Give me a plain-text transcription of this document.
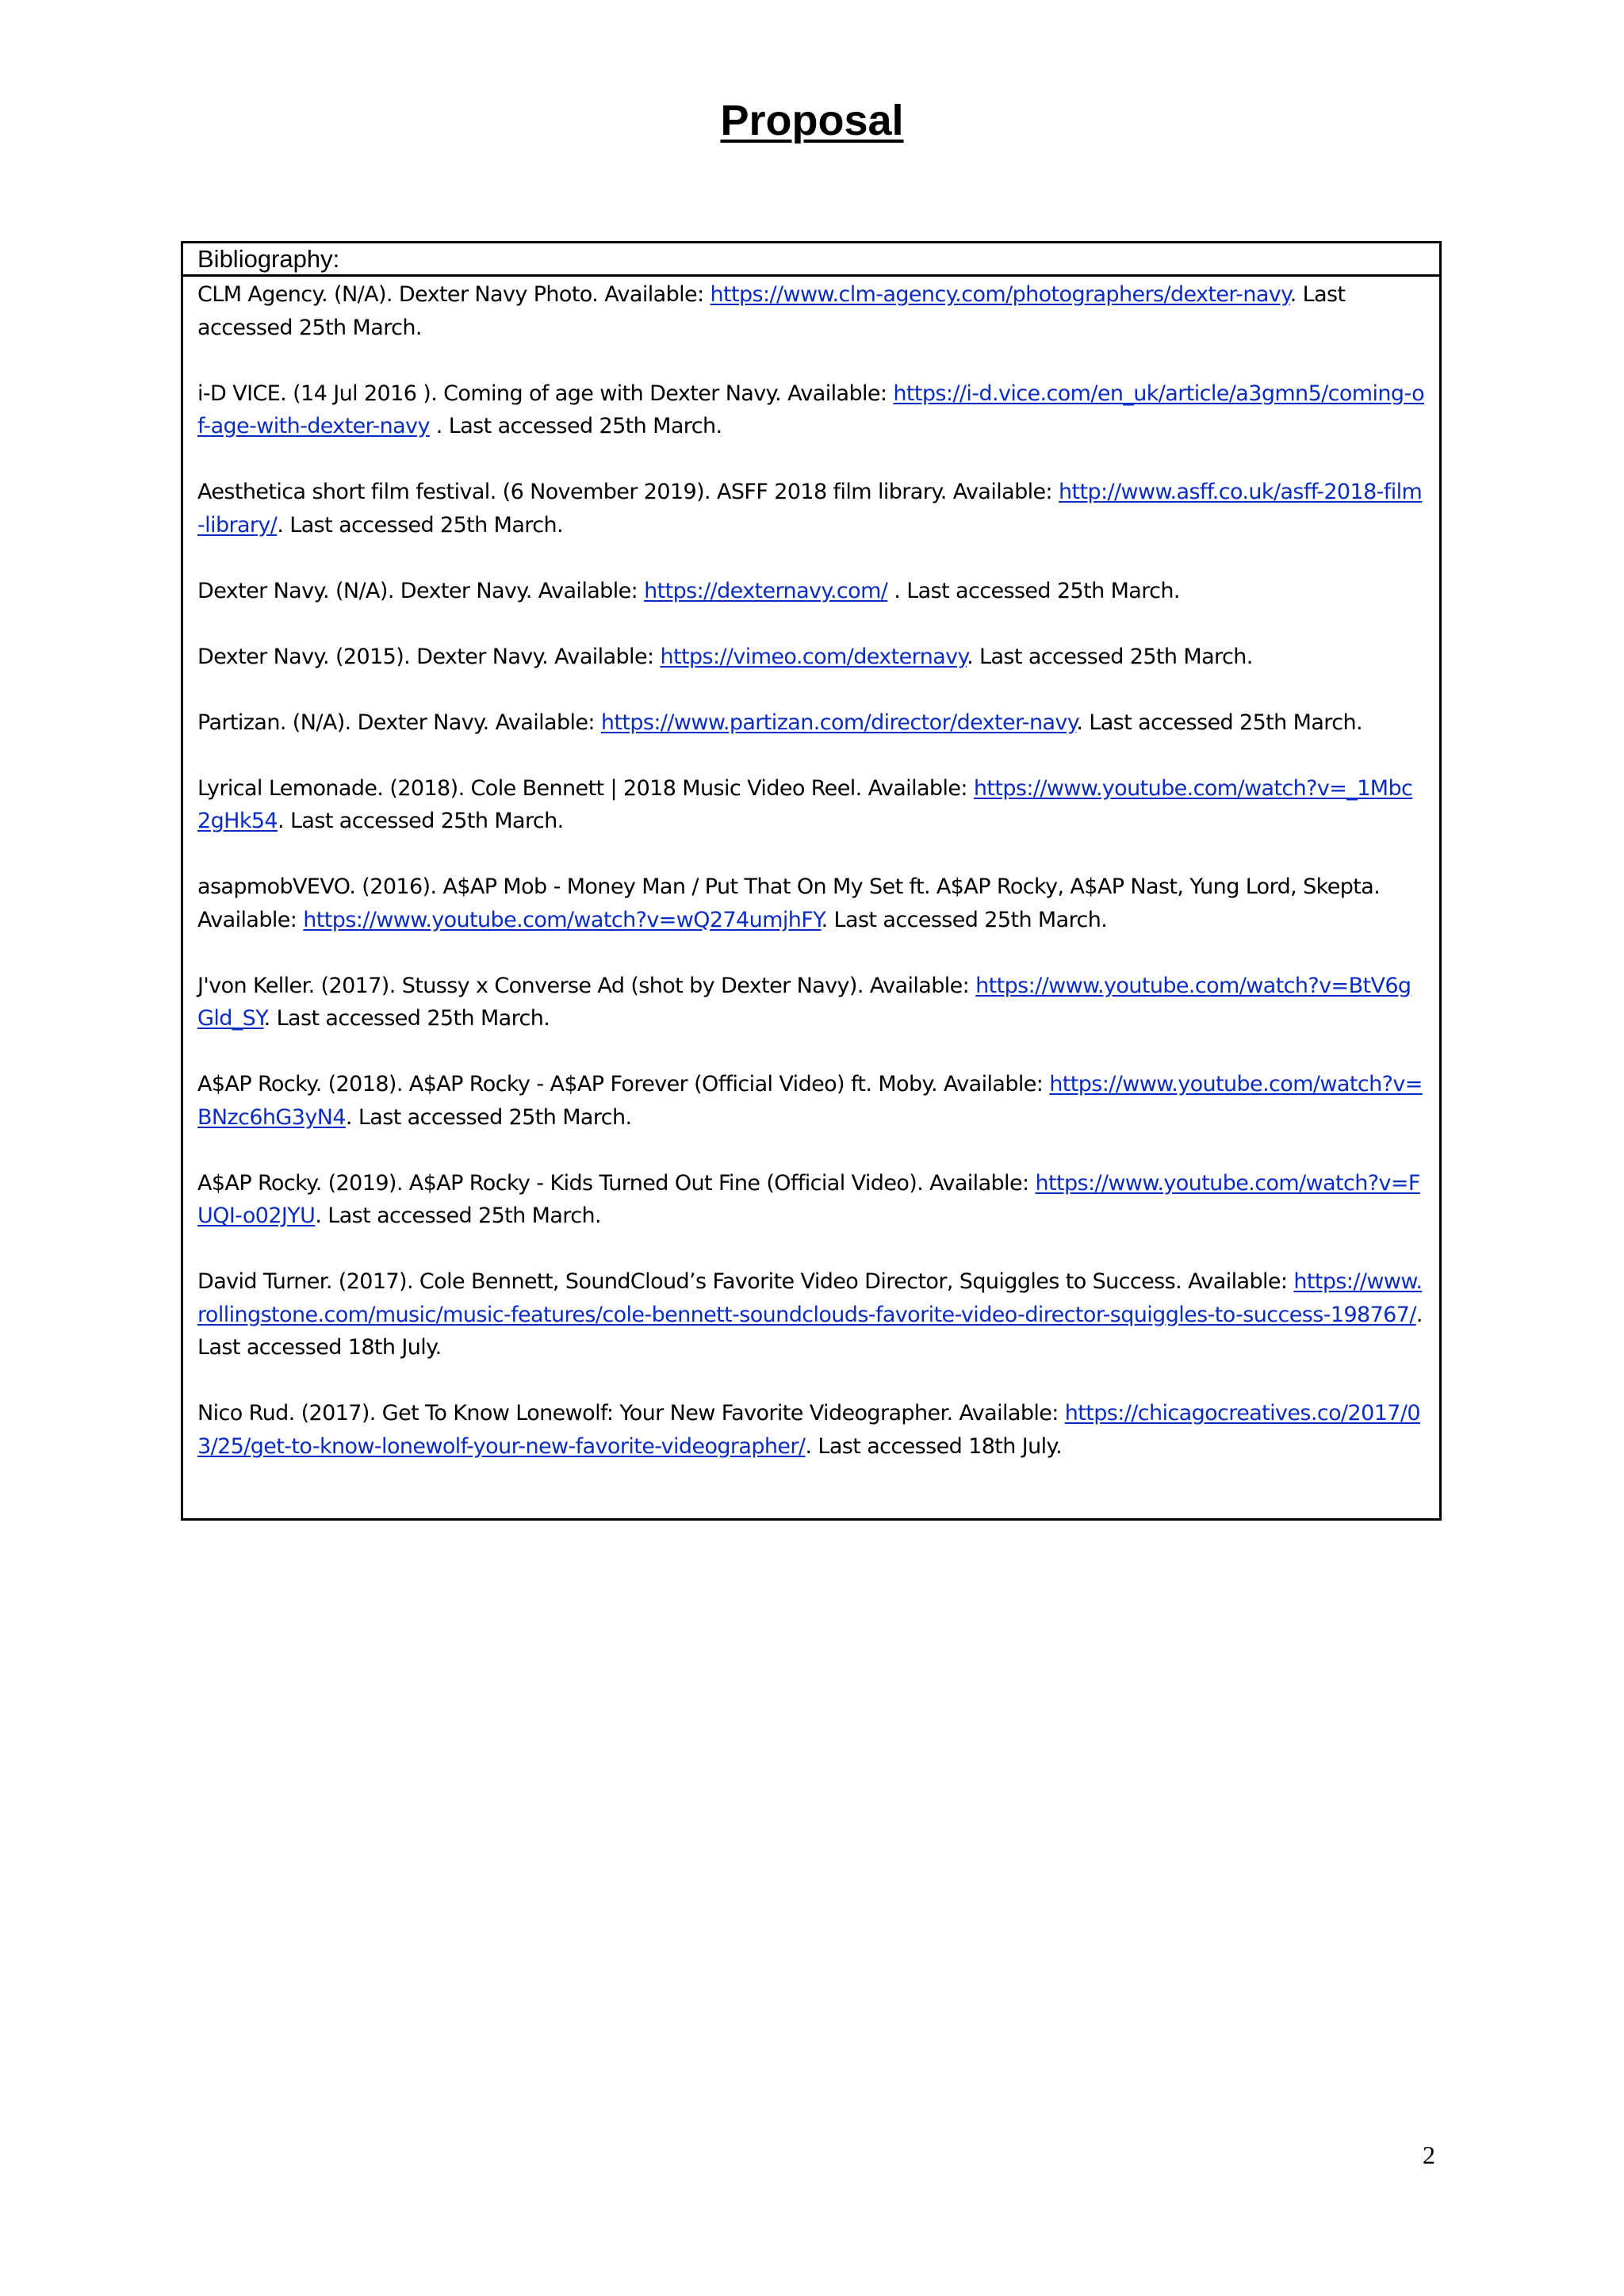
Proposal
Bibliography:
CLM Agency. (N/A). Dexter Navy Photo. Available: https://www.clm-agency.com/photographers/dexter-navy. Last accessed 25th March.
i-D VICE. (14 Jul 2016 ). Coming of age with Dexter Navy. Available: https://i-d.vice.com/en_uk/article/a3gmn5/coming-of-age-with-dexter-navy . Last accessed 25th March.
Aesthetica short film festival. (6 November 2019). ASFF 2018 film library. Available: http://www.asff.co.uk/asff-2018-film-library/. Last accessed 25th March.
Dexter Navy. (N/A). Dexter Navy. Available: https://dexternavy.com/ . Last accessed 25th March.
Dexter Navy. (2015). Dexter Navy. Available: https://vimeo.com/dexternavy. Last accessed 25th March.
Partizan. (N/A). Dexter Navy. Available: https://www.partizan.com/director/dexter-navy. Last accessed 25th March.
Lyrical Lemonade. (2018). Cole Bennett | 2018 Music Video Reel. Available: https://www.youtube.com/watch?v=_1Mbc2gHk54. Last accessed 25th March.
asapmobVEVO. (2016). A$AP Mob - Money Man / Put That On My Set ft. A$AP Rocky, A$AP Nast, Yung Lord, Skepta. Available: https://www.youtube.com/watch?v=wQ274umjhFY. Last accessed 25th March.
J'von Keller. (2017). Stussy x Converse Ad (shot by Dexter Navy). Available: https://www.youtube.com/watch?v=BtV6gGld_SY. Last accessed 25th March.
A$AP Rocky. (2018). A$AP Rocky - A$AP Forever (Official Video) ft. Moby. Available: https://www.youtube.com/watch?v=BNzc6hG3yN4. Last accessed 25th March.
A$AP Rocky. (2019). A$AP Rocky - Kids Turned Out Fine (Official Video). Available: https://www.youtube.com/watch?v=FUQI-o02JYU. Last accessed 25th March.
David Turner. (2017). Cole Bennett, SoundCloud’s Favorite Video Director, Squiggles to Success. Available: https://www.rollingstone.com/music/music-features/cole-bennett-soundclouds-favorite-video-director-squiggles-to-success-198767/. Last accessed 18th July.
Nico Rud. (2017). Get To Know Lonewolf: Your New Favorite Videographer. Available: https://chicagocreatives.co/2017/03/25/get-to-know-lonewolf-your-new-favorite-videographer/. Last accessed 18th July.
2
